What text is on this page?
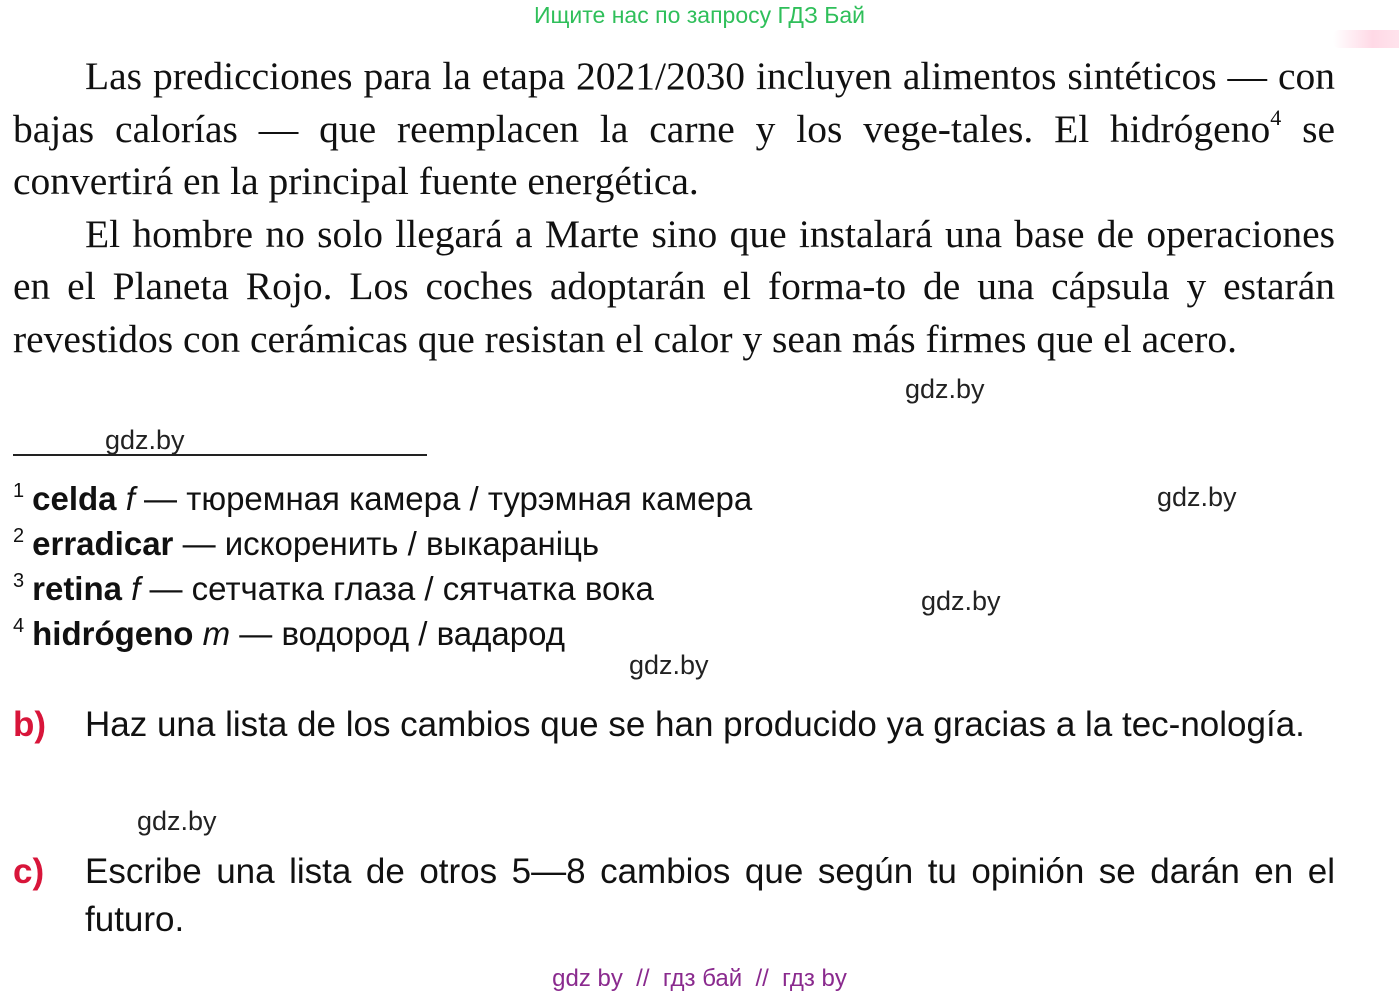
Ищите нас по запросу ГДЗ Бай

Las predicciones para la etapa 2021/2030 incluyen alimentos sintéticos — con bajas calorías — que reemplacen la carne y los vege-tales. El hidrógeno$^4$ se convertirá en la principal fuente energética.

El hombre no solo llegará a Marte sino que instalará una base de operaciones en el Planeta Rojo. Los coches adoptarán el forma-to de una cápsula y estarán revestidos con cerámicas que resistan el calor y sean más firmes que el acero.

gdz.by
gdz.by
$^1$ celda f — тюремная камера / турэмная камера
$^2$ erradicar — искоренить / выкараніць
$^3$ retina f — сетчатка глаза / сятчатка вока
$^4$ hidrógeno m — водород / вадарод
gdz.by
gdz.by
gdz.by
b) Haz una lista de los cambios que se han producido ya gracias a la tec-nología.
gdz.by
c) Escribe una lista de otros 5—8 cambios que según tu opinión se darán en el futuro.
gdz by  //  гдз бай  //  гдз by
